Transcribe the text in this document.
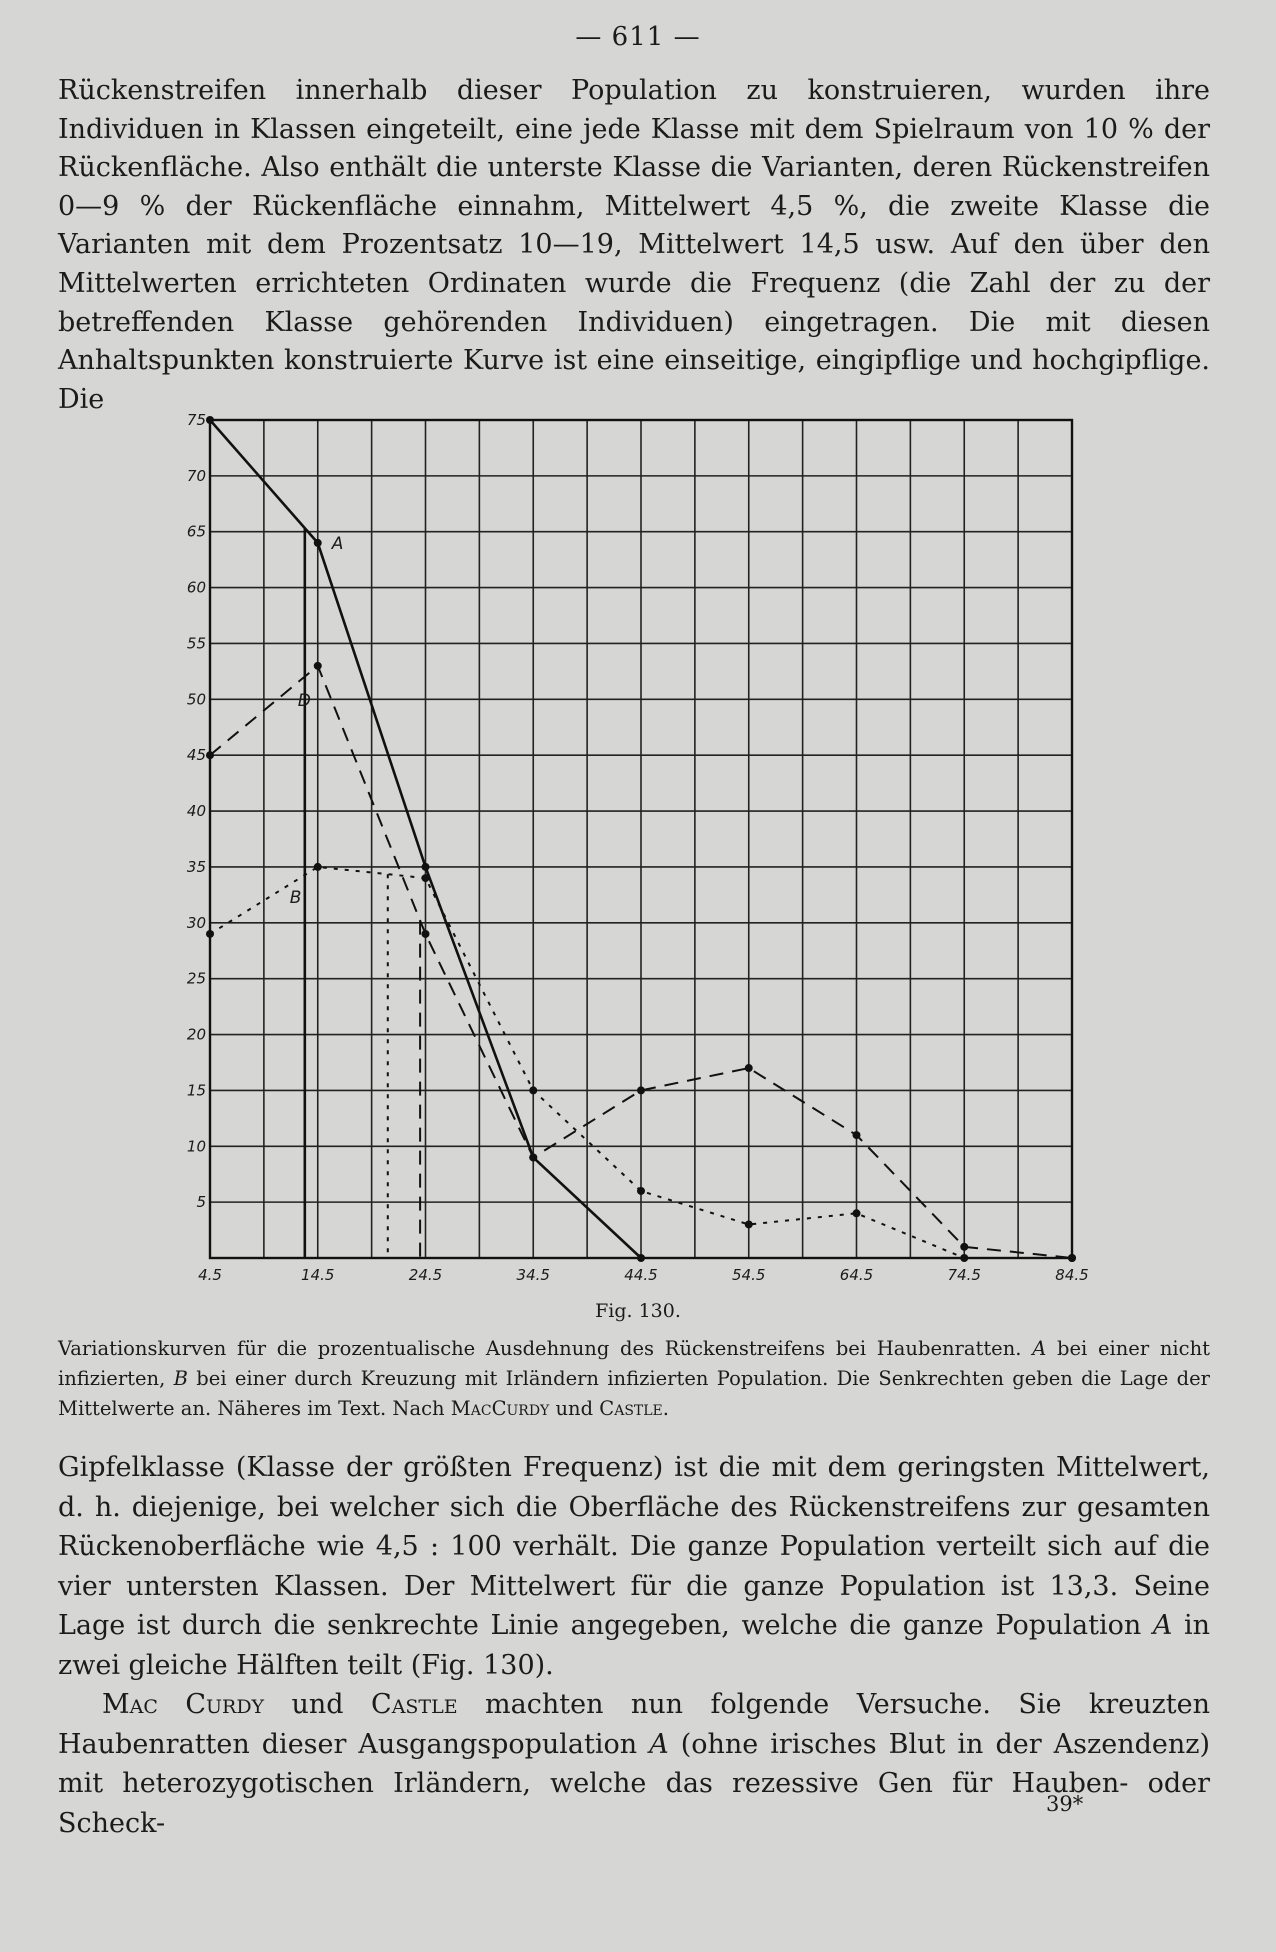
— 611 —

Rückenstreifen innerhalb dieser Population zu konstruieren, wurden ihre Individuen in Klassen eingeteilt, eine jede Klasse mit dem Spielraum von 10 % der Rückenfläche. Also enthält die unterste Klasse die Varianten, deren Rückenstreifen 0—9 % der Rückenfläche einnahm, Mittelwert 4,5 %, die zweite Klasse die Varianten mit dem Prozentsatz 10—19, Mittelwert 14,5 usw. Auf den über den Mittelwerten errichteten Ordinaten wurde die Frequenz (die Zahl der zu der betreffenden Klasse gehörenden Individuen) eingetragen. Die mit diesen Anhaltspunkten konstruierte Kurve ist eine einseitige, eingipflige und hochgipflige. Die

5
10
15
20
25
30
35
40
45
50
55
60
65
70
75
4.5	14.5	24.5	34.5	44.5	54.5	64.5	74.5	84.5
A
D
B
Fig. 130.

Variationskurven für die prozentualische Ausdehnung des Rückenstreifens bei Haubenratten. A bei einer nicht infizierten, B bei einer durch Kreuzung mit Irländern infizierten Population. Die Senkrechten geben die Lage der Mittelwerte an. Näheres im Text. Nach MacCurdy und Castle.

Gipfelklasse (Klasse der größten Frequenz) ist die mit dem geringsten Mittelwert, d. h. diejenige, bei welcher sich die Oberfläche des Rückenstreifens zur gesamten Rückenoberfläche wie 4,5 : 100 verhält. Die ganze Population verteilt sich auf die vier untersten Klassen. Der Mittelwert für die ganze Population ist 13,3. Seine Lage ist durch die senkrechte Linie angegeben, welche die ganze Population A in zwei gleiche Hälften teilt (Fig. 130).

Mac Curdy und Castle machten nun folgende Versuche. Sie kreuzten Haubenratten dieser Ausgangspopulation A (ohne irisches Blut in der Aszendenz) mit heterozygotischen Irländern, welche das rezessive Gen für Hauben- oder Scheck-

39*
